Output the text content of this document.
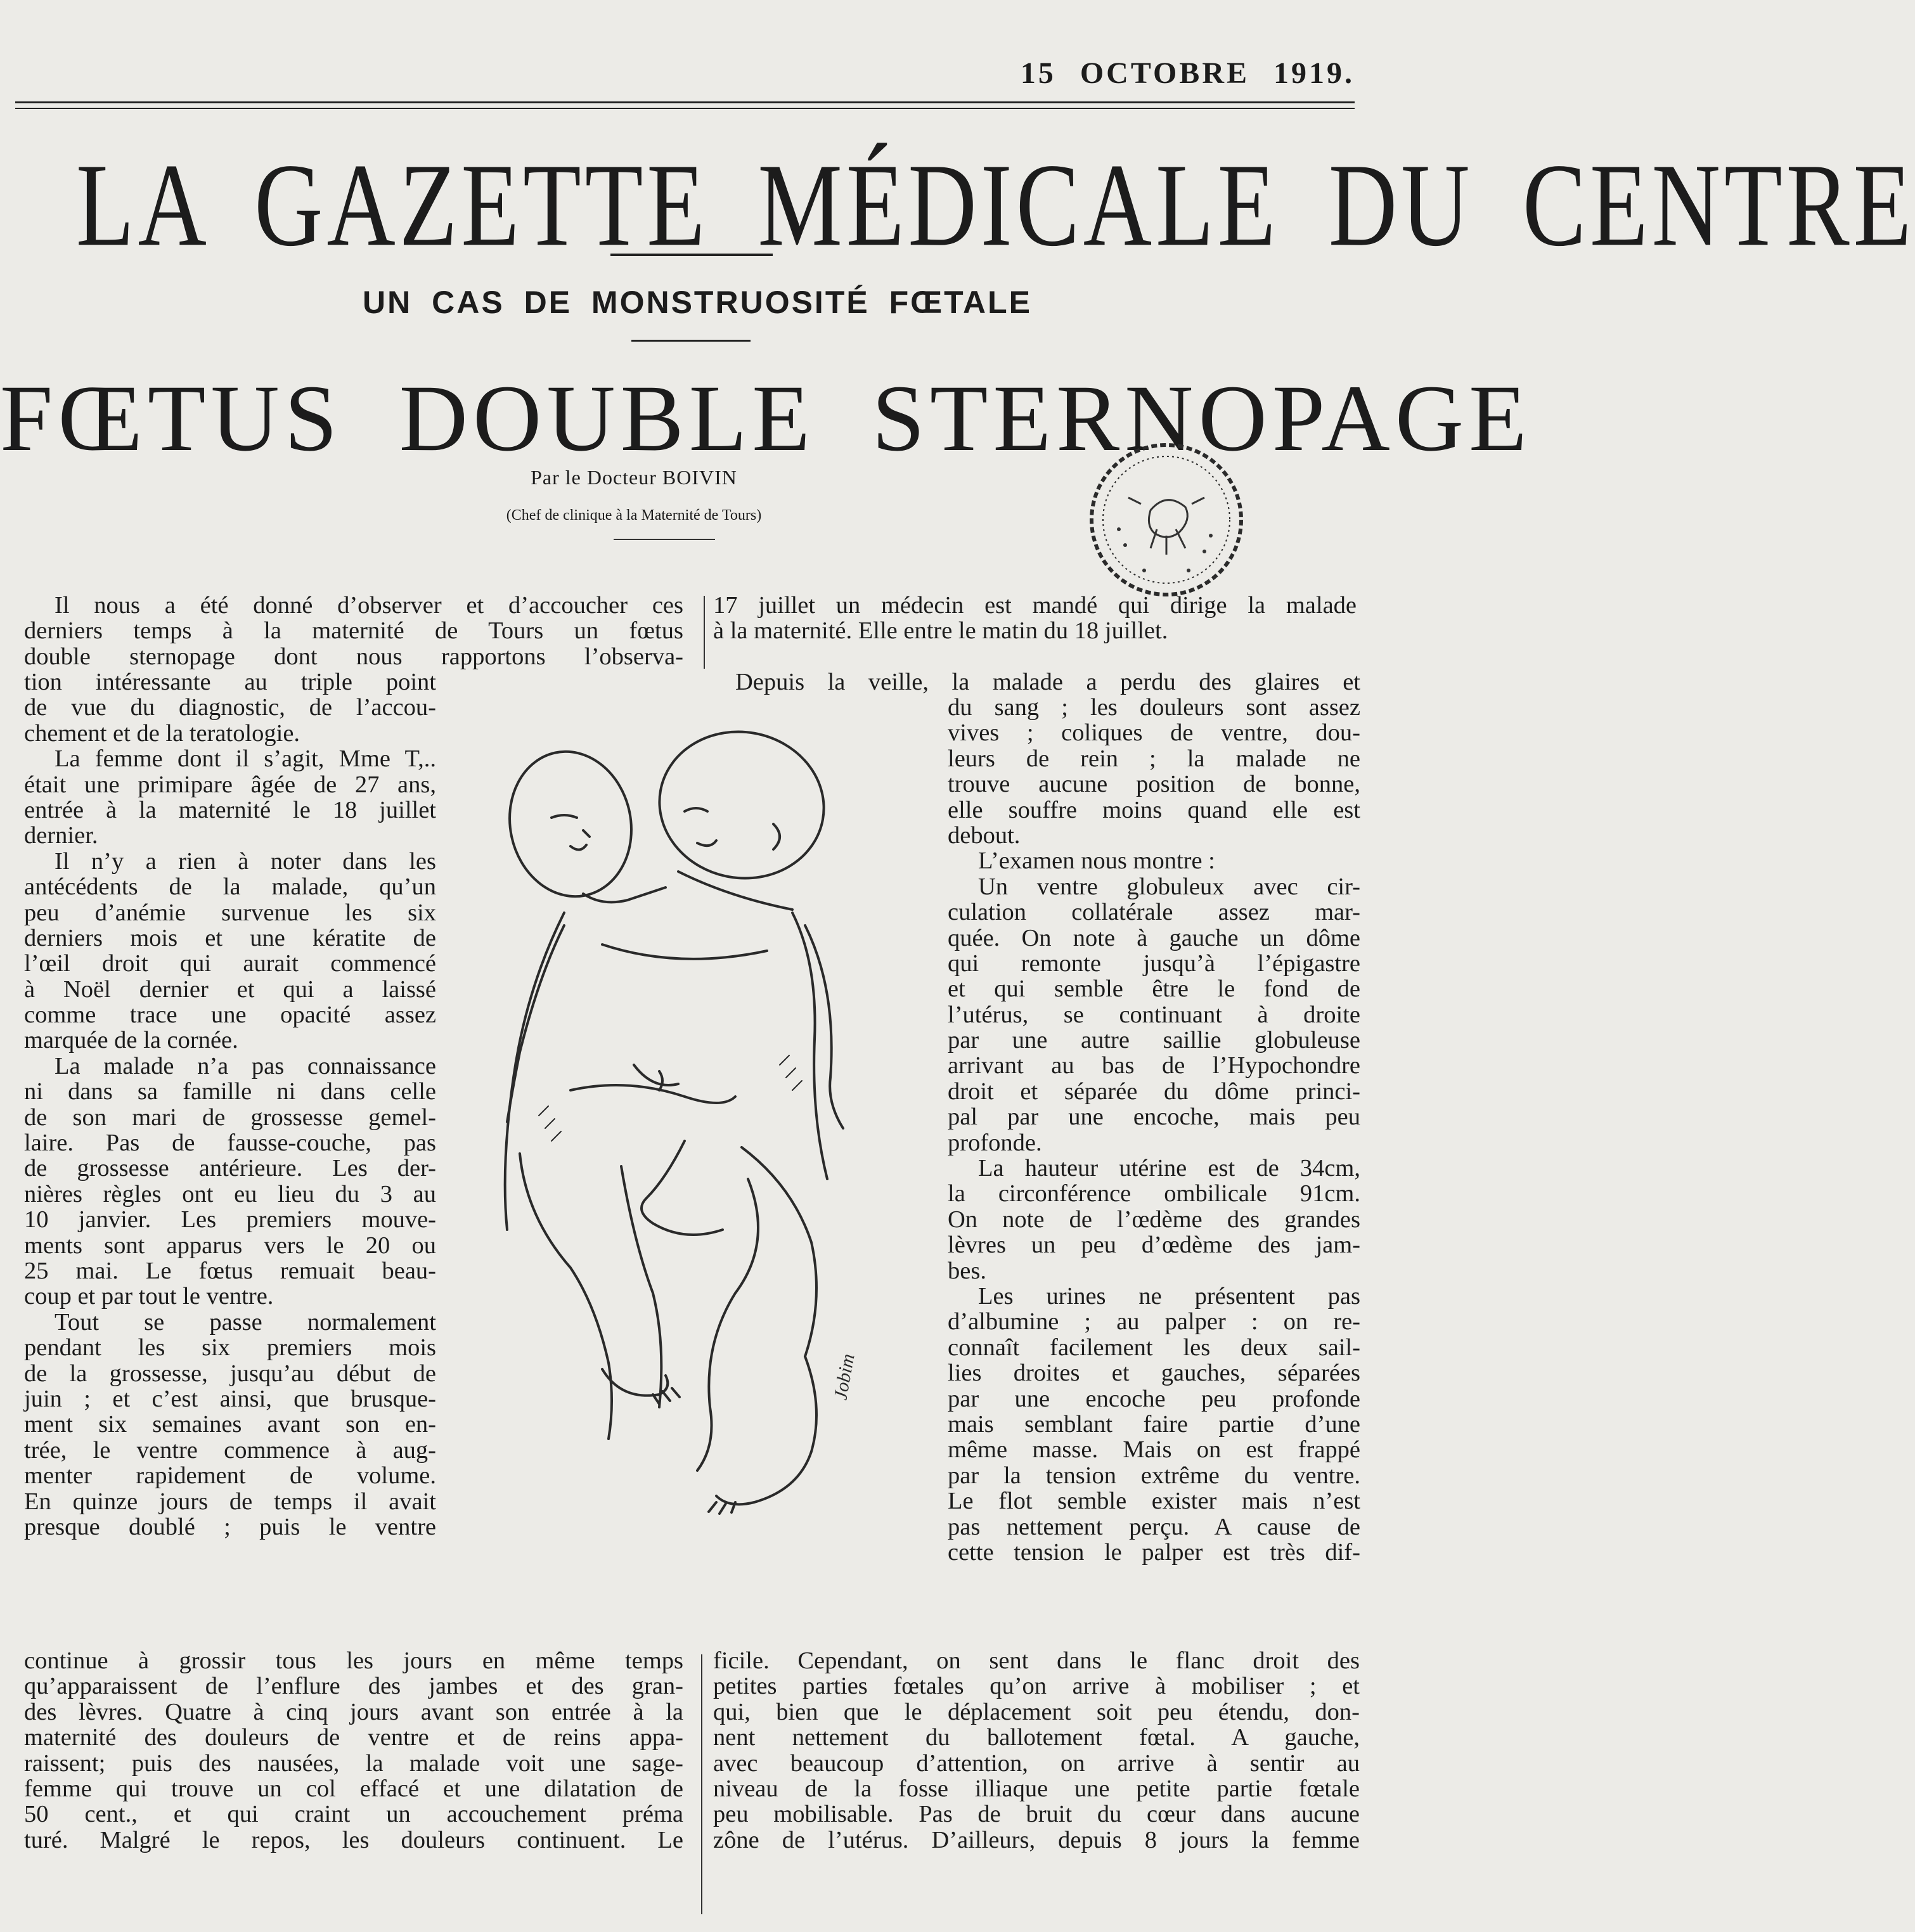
15 OCTOBRE 1919.
LA GAZETTE MÉDICALE DU CENTRE
UN CAS DE MONSTRUOSITÉ FŒTALE
FŒTUS DOUBLE STERNOPAGE
Par le Docteur BOIVIN
(Chef de clinique à la Maternité de Tours)
Il nous a été donné d’observer et d’accoucher ces
derniers temps à la maternité de Tours un fœtus
double sternopage dont nous rapportons l’observa-
17 juillet un médecin est mandé qui dirige la malade
à la maternité. Elle entre le matin du 18 juillet.
tion intéressante au triple point
de vue du diagnostic, de l’accou-
chement et de la teratologie.
La femme dont il s’agit, Mme T,..
était une primipare âgée de 27 ans,
entrée à la maternité le 18 juillet
dernier.
Il n’y a rien à noter dans les
antécédents de la malade, qu’un
peu d’anémie survenue les six
derniers mois et une kératite de
l’œil droit qui aurait commencé
à Noël dernier et qui a laissé
comme trace une opacité assez
marquée de la cornée.
La malade n’a pas connaissance
ni dans sa famille ni dans celle
de son mari de grossesse gemel-
laire. Pas de fausse-couche, pas
de grossesse antérieure. Les der-
nières règles ont eu lieu du 3 au
10 janvier. Les premiers mouve-
ments sont apparus vers le 20 ou
25 mai. Le fœtus remuait beau-
coup et par tout le ventre.
Tout se passe normalement
pendant les six premiers mois
de la grossesse, jusqu’au début de
juin ; et c’est ainsi, que brusque-
ment six semaines avant son en-
trée, le ventre commence à aug-
menter rapidement de volume.
En quinze jours de temps il avait
presque doublé ; puis le ventre
Depuis la veille, la malade a perdu des glaires et
du sang ; les douleurs sont assez
vives ; coliques de ventre, dou-
leurs de rein ; la malade ne
trouve aucune position de bonne,
elle souffre moins quand elle est
debout.
L’examen nous montre :
Un ventre globuleux avec cir-
culation collatérale assez mar-
quée. On note à gauche un dôme
qui remonte jusqu’à l’épigastre
et qui semble être le fond de
l’utérus, se continuant à droite
par une autre saillie globuleuse
arrivant au bas de l’Hypochondre
droit et séparée du dôme princi-
pal par une encoche, mais peu
profonde.
La hauteur utérine est de 34cm,
la circonférence ombilicale 91cm.
On note de l’œdème des grandes
lèvres un peu d’œdème des jam-
bes.
Les urines ne présentent pas
d’albumine ; au palper : on re-
connaît facilement les deux sail-
lies droites et gauches, séparées
par une encoche peu profonde
mais semblant faire partie d’une
même masse. Mais on est frappé
par la tension extrême du ventre.
Le flot semble exister mais n’est
pas nettement perçu. A cause de
cette tension le palper est très dif-
Jobim
continue à grossir tous les jours en même temps
qu’apparaissent de l’enflure des jambes et des gran-
des lèvres. Quatre à cinq jours avant son entrée à la
maternité des douleurs de ventre et de reins appa-
raissent; puis des nausées, la malade voit une sage-
femme qui trouve un col effacé et une dilatation de
50 cent., et qui craint un accouchement préma
turé. Malgré le repos, les douleurs continuent. Le
ficile. Cependant, on sent dans le flanc droit des
petites parties fœtales qu’on arrive à mobiliser ; et
qui, bien que le déplacement soit peu étendu, don-
nent nettement du ballotement fœtal. A gauche,
avec beaucoup d’attention, on arrive à sentir au
niveau de la fosse illiaque une petite partie fœtale
peu mobilisable. Pas de bruit du cœur dans aucune
zône de l’utérus. D’ailleurs, depuis 8 jours la femme
